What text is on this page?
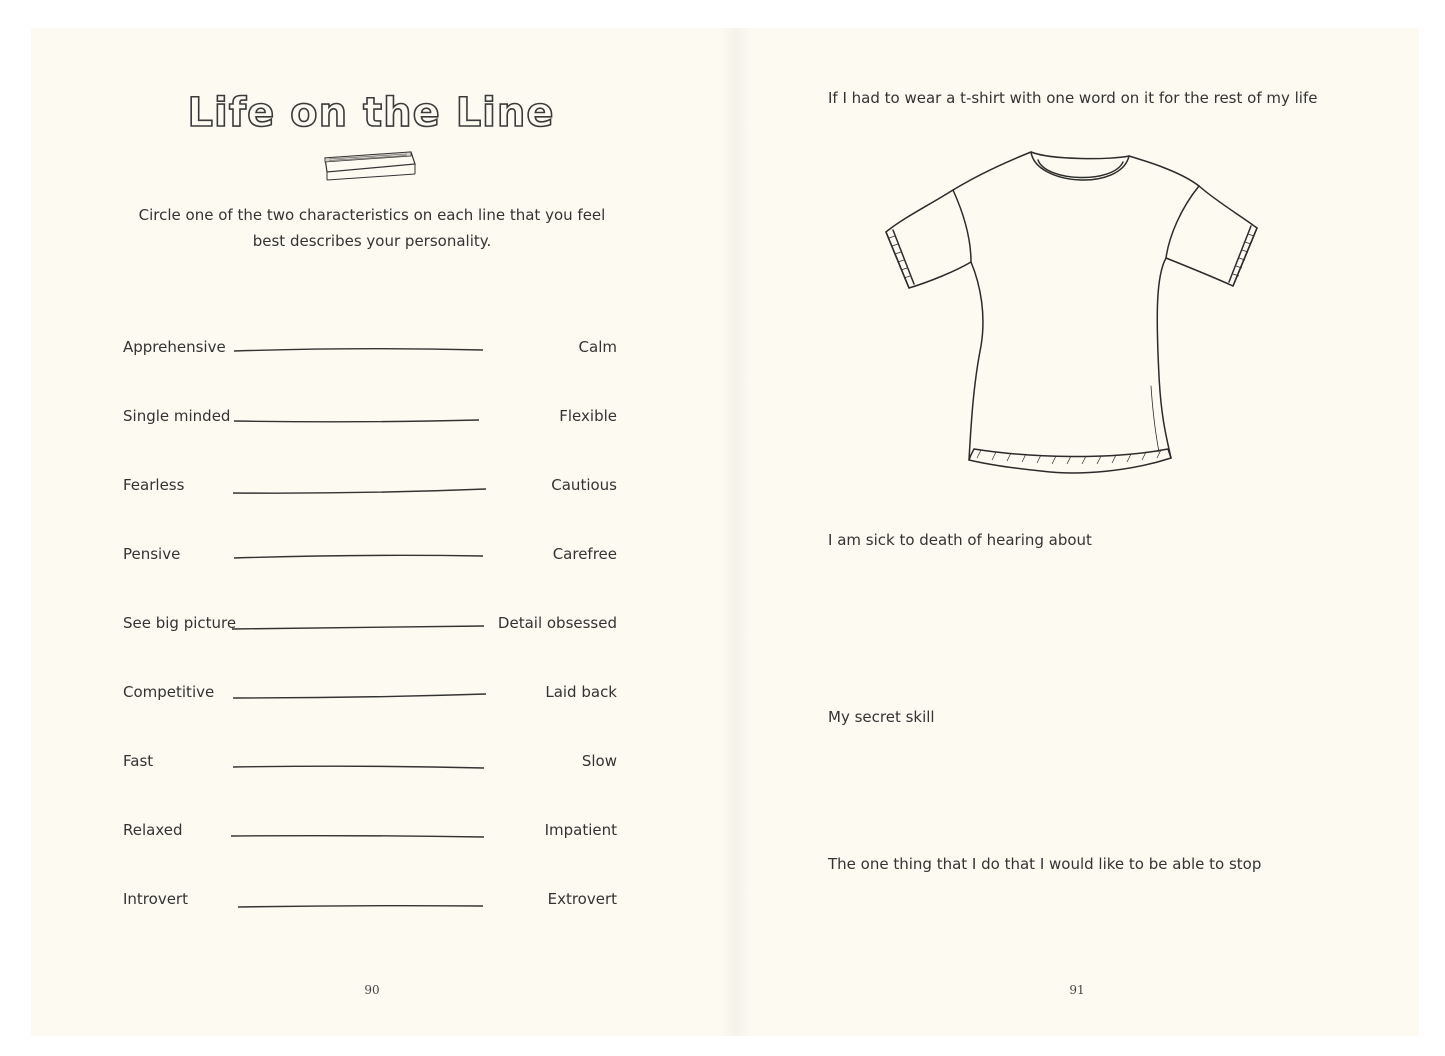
Life on the Line
Circle one of the two characteristics on each line that you feel best describes your personality.
Apprehensive	Calm
Single minded	Flexible
Fearless	Cautious
Pensive	Carefree
See big picture	Detail obsessed
Competitive	Laid back
Fast	Slow
Relaxed	Impatient
Introvert	Extrovert
90
If I had to wear a t-shirt with one word on it for the rest of my life
I am sick to death of hearing about
My secret skill
The one thing that I do that I would like to be able to stop
91
